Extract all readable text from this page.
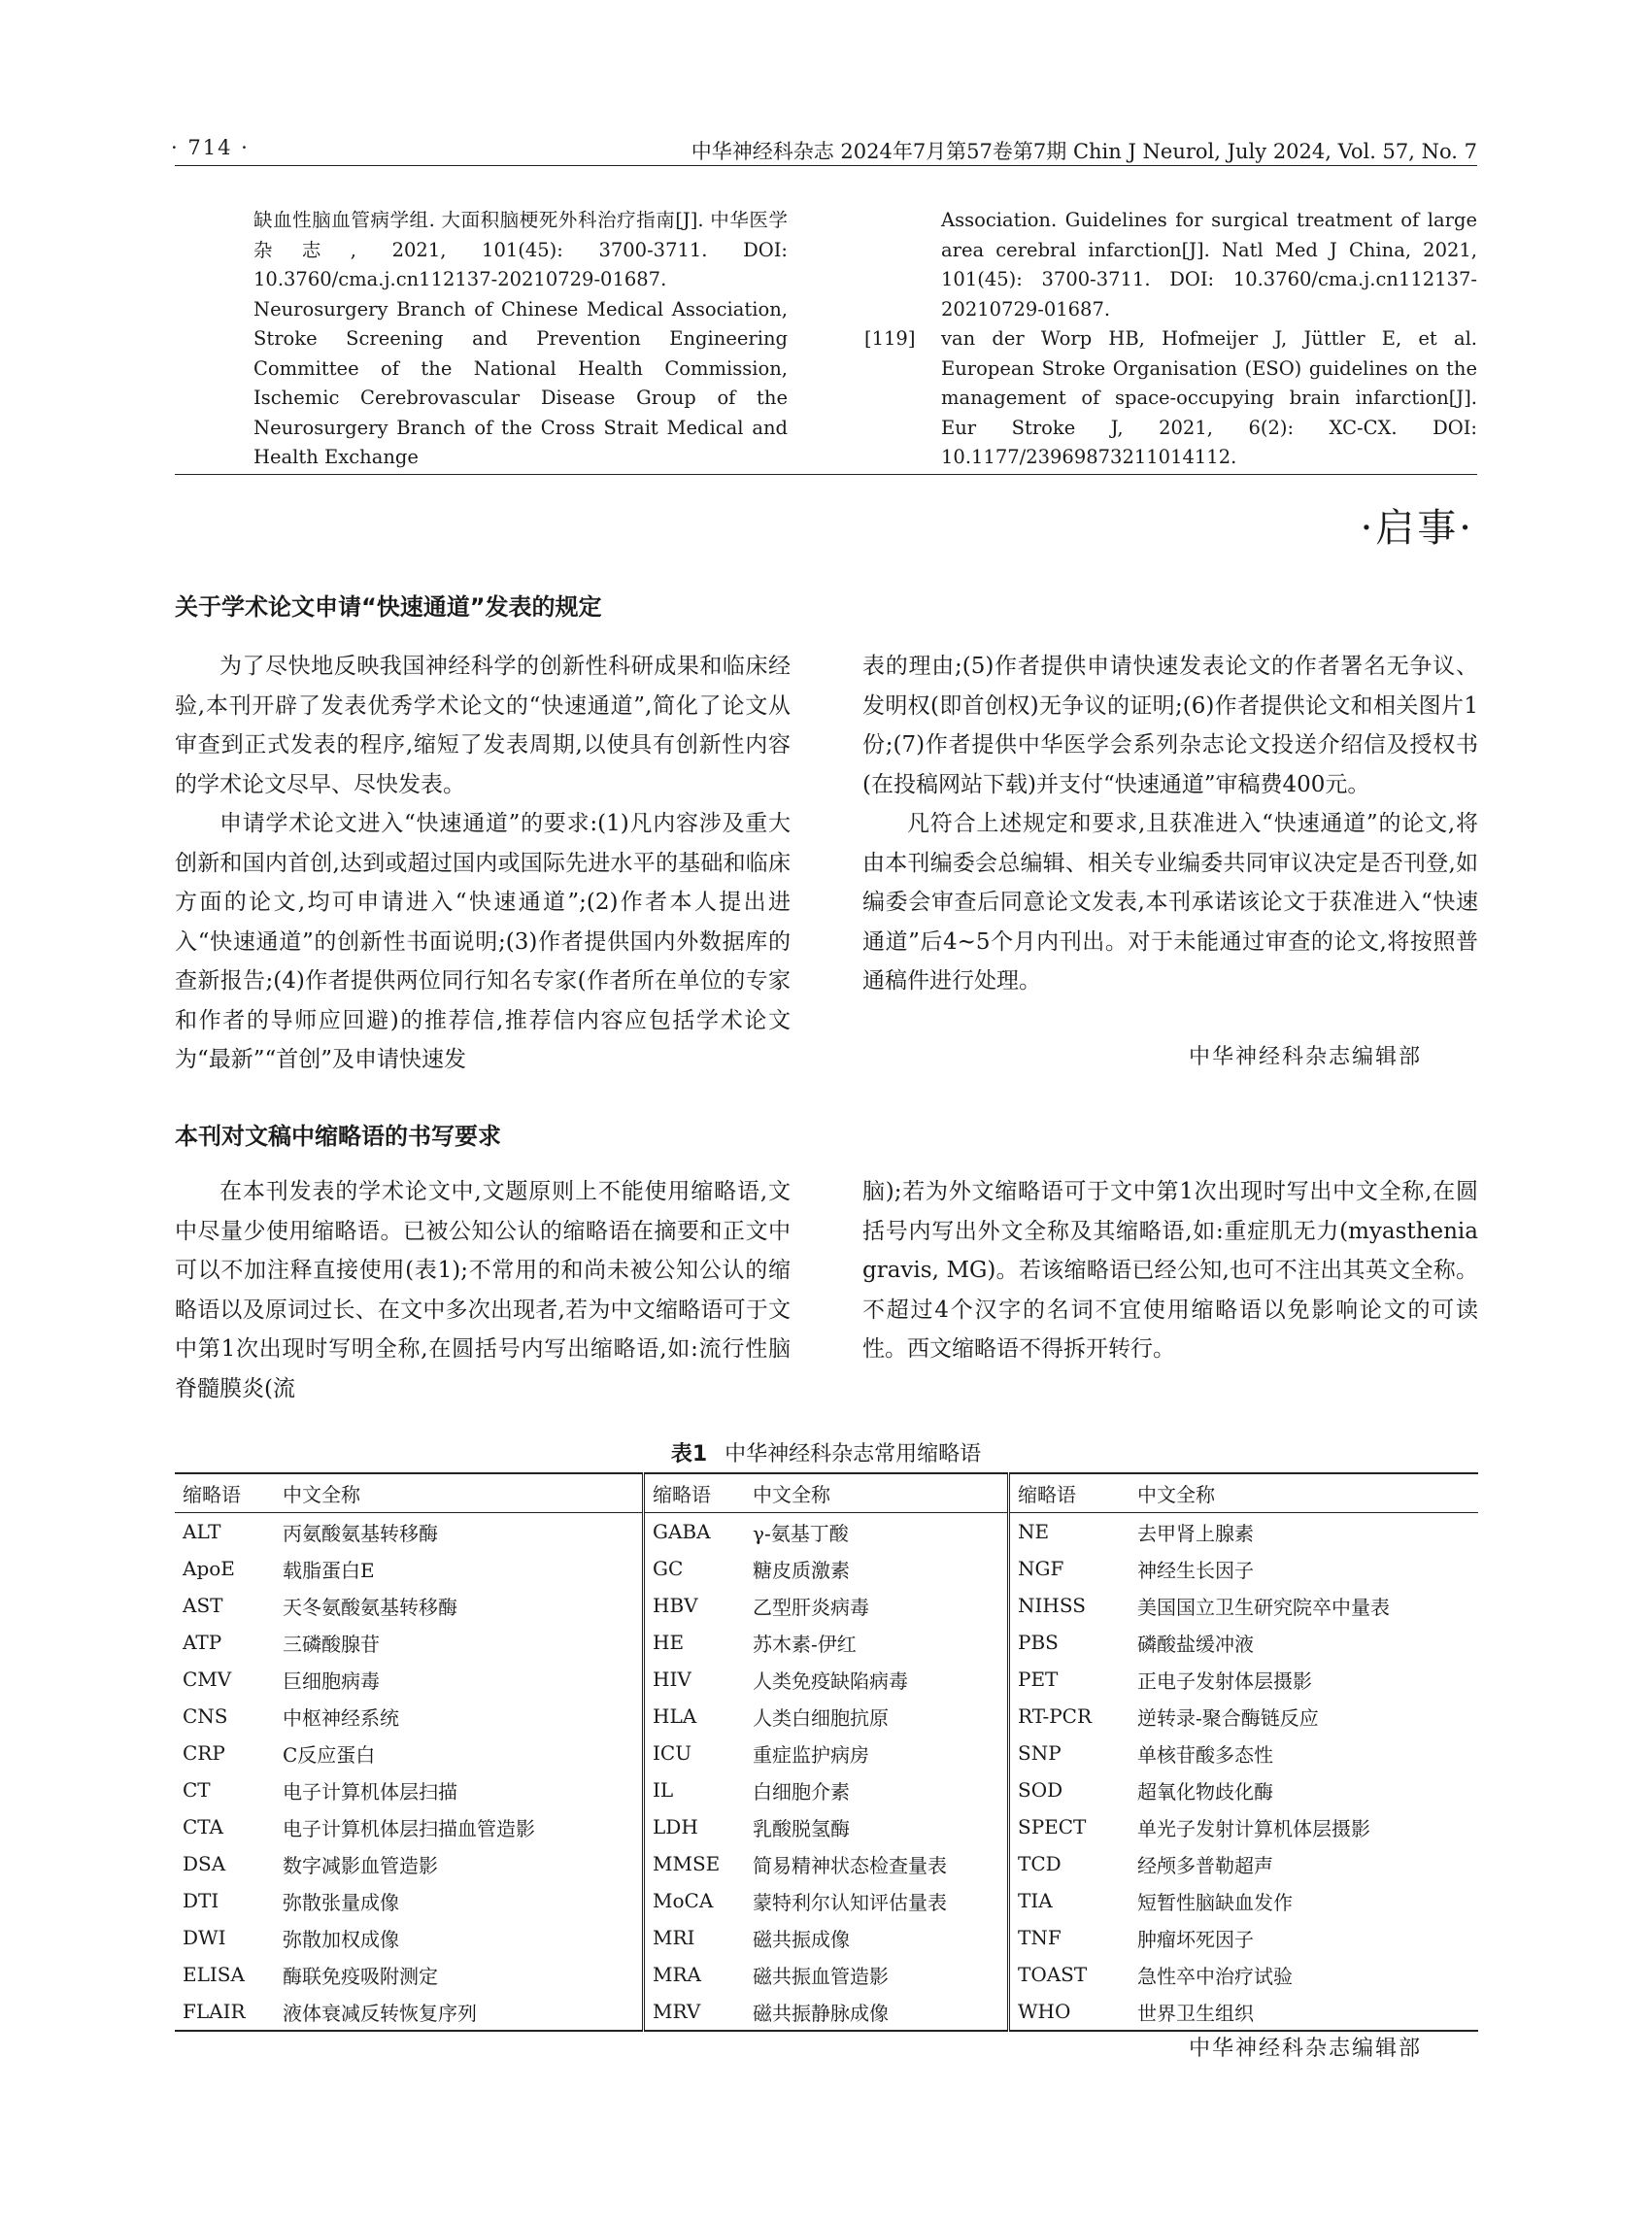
· 714 ·	中华神经科杂志 2024年7月第57卷第7期 Chin J Neurol, July 2024, Vol. 57, No. 7
缺血性脑血管病学组. 大面积脑梗死外科治疗指南[J]. 中华医学杂志, 2021, 101(45): 3700-3711. DOI: 10.3760/cma.j.cn112137-20210729-01687. Neurosurgery Branch of Chinese Medical Association, Stroke Screening and Prevention Engineering Committee of the National Health Commission, Ischemic Cerebrovascular Disease Group of the Neurosurgery Branch of the Cross Strait Medical and Health Exchange
Association. Guidelines for surgical treatment of large area cerebral infarction[J]. Natl Med J China, 2021, 101(45): 3700-3711. DOI: 10.3760/cma.j.cn112137-20210729-01687.
[119] van der Worp HB, Hofmeijer J, Jüttler E, et al. European Stroke Organisation (ESO) guidelines on the management of space-occupying brain infarction[J]. Eur Stroke J, 2021, 6(2): XC-CX. DOI: 10.1177/23969873211014112.
·启事·
关于学术论文申请“快速通道”发表的规定

为了尽快地反映我国神经科学的创新性科研成果和临床经验,本刊开辟了发表优秀学术论文的“快速通道”,简化了论文从审查到正式发表的程序,缩短了发表周期,以使具有创新性内容的学术论文尽早、尽快发表。

申请学术论文进入“快速通道”的要求:(1)凡内容涉及重大创新和国内首创,达到或超过国内或国际先进水平的基础和临床方面的论文,均可申请进入“快速通道”;(2)作者本人提出进入“快速通道”的创新性书面说明;(3)作者提供国内外数据库的查新报告;(4)作者提供两位同行知名专家(作者所在单位的专家和作者的导师应回避)的推荐信,推荐信内容应包括学术论文为“最新”“首创”及申请快速发

表的理由;(5)作者提供申请快速发表论文的作者署名无争议、发明权(即首创权)无争议的证明;(6)作者提供论文和相关图片1份;(7)作者提供中华医学会系列杂志论文投送介绍信及授权书(在投稿网站下载)并支付“快速通道”审稿费400元。

凡符合上述规定和要求,且获准进入“快速通道”的论文,将由本刊编委会总编辑、相关专业编委共同审议决定是否刊登,如编委会审查后同意论文发表,本刊承诺该论文于获准进入“快速通道”后4~5个月内刊出。对于未能通过审查的论文,将按照普通稿件进行处理。

中华神经科杂志编辑部
本刊对文稿中缩略语的书写要求

在本刊发表的学术论文中,文题原则上不能使用缩略语,文中尽量少使用缩略语。已被公知公认的缩略语在摘要和正文中可以不加注释直接使用(表1);不常用的和尚未被公知公认的缩略语以及原词过长、在文中多次出现者,若为中文缩略语可于文中第1次出现时写明全称,在圆括号内写出缩略语,如:流行性脑脊髓膜炎(流

脑);若为外文缩略语可于文中第1次出现时写出中文全称,在圆括号内写出外文全称及其缩略语,如:重症肌无力(myasthenia gravis, MG)。若该缩略语已经公知,也可不注出其英文全称。不超过4个汉字的名词不宜使用缩略语以免影响论文的可读性。西文缩略语不得拆开转行。

表1 中华神经科杂志常用缩略语
缩略语	中文全称	缩略语	中文全称	缩略语	中文全称
ALT	丙氨酸氨基转移酶	GABA	γ-氨基丁酸	NE	去甲肾上腺素
ApoE	载脂蛋白E	GC	糖皮质激素	NGF	神经生长因子
AST	天冬氨酸氨基转移酶	HBV	乙型肝炎病毒	NIHSS	美国国立卫生研究院卒中量表
ATP	三磷酸腺苷	HE	苏木素-伊红	PBS	磷酸盐缓冲液
CMV	巨细胞病毒	HIV	人类免疫缺陷病毒	PET	正电子发射体层摄影
CNS	中枢神经系统	HLA	人类白细胞抗原	RT-PCR	逆转录-聚合酶链反应
CRP	C反应蛋白	ICU	重症监护病房	SNP	单核苷酸多态性
CT	电子计算机体层扫描	IL	白细胞介素	SOD	超氧化物歧化酶
CTA	电子计算机体层扫描血管造影	LDH	乳酸脱氢酶	SPECT	单光子发射计算机体层摄影
DSA	数字减影血管造影	MMSE	简易精神状态检查量表	TCD	经颅多普勒超声
DTI	弥散张量成像	MoCA	蒙特利尔认知评估量表	TIA	短暂性脑缺血发作
DWI	弥散加权成像	MRI	磁共振成像	TNF	肿瘤坏死因子
ELISA	酶联免疫吸附测定	MRA	磁共振血管造影	TOAST	急性卒中治疗试验
FLAIR	液体衰减反转恢复序列	MRV	磁共振静脉成像	WHO	世界卫生组织
中华神经科杂志编辑部
